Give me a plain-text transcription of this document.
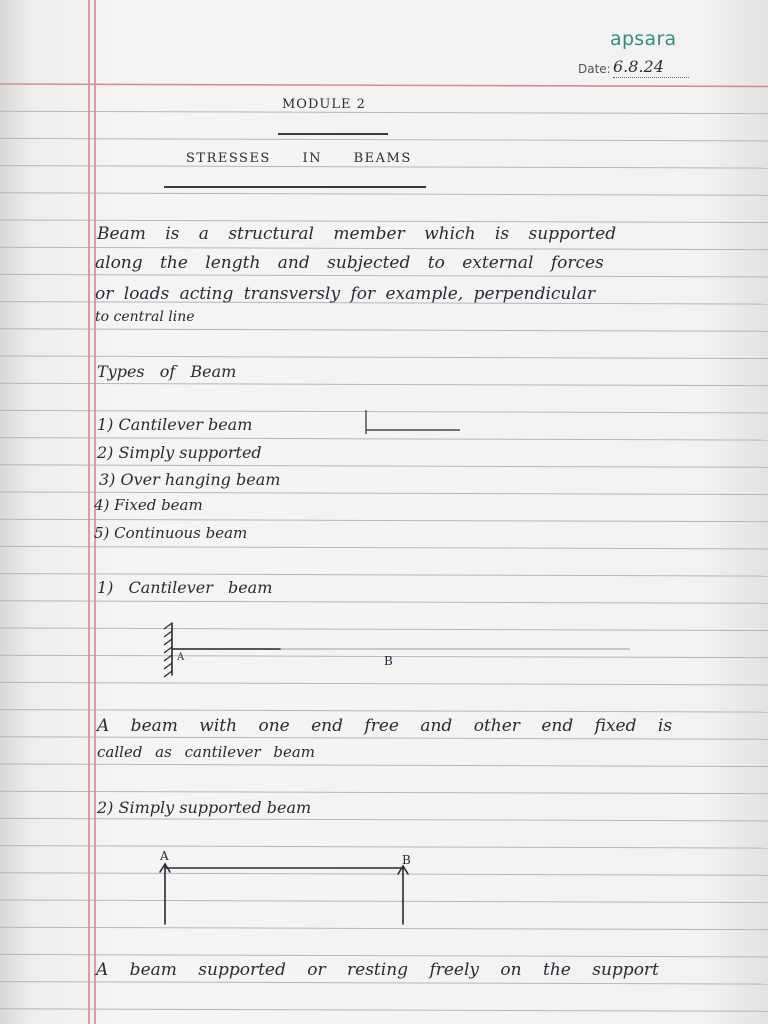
apsara
Date: 6.8.24
MODULE 2
STRESSES IN BEAMS
Beam is a structural member which is supported
along the length and subjected to external forces
or loads acting transversly for example, perpendicular
to central line
Types of Beam
1) Cantilever beam
2) Simply supported
3) Over hanging beam
4) Fixed beam
5) Continuous beam
1) Cantilever beam
A	B
A beam with one end free and other end fixed is
called as cantilever beam
2) Simply supported beam
A	B
A beam supported or resting freely on the support
